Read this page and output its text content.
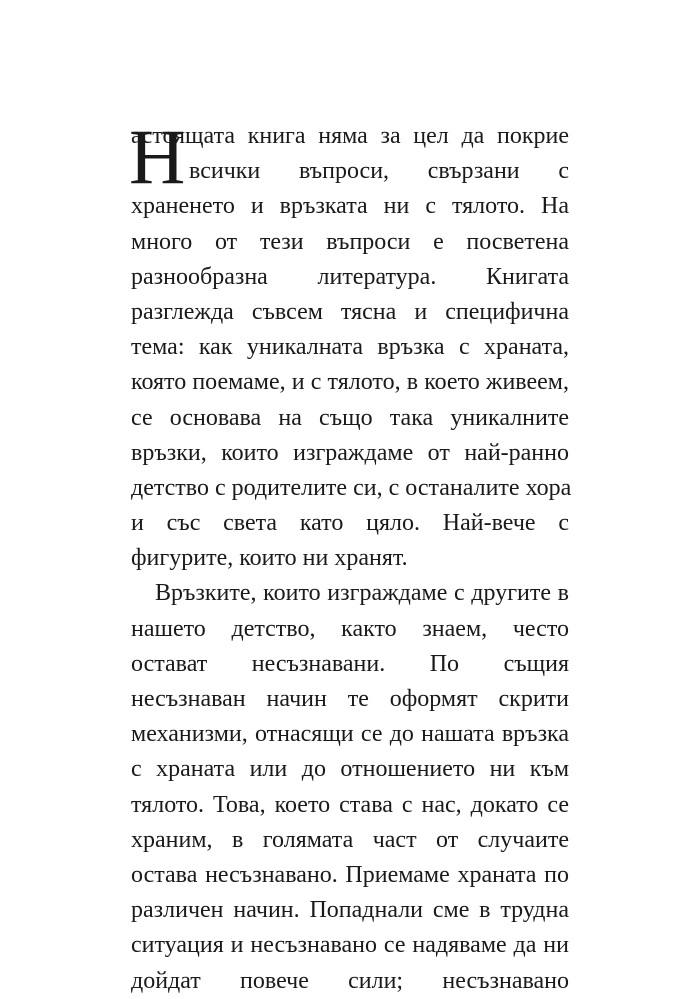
Н
астоящата книга няма за цел да покрие
всички въпроси, свързани с
храненето и връзката ни с тялото. На
много от тези въпроси е посветена
разнообразна литература. Книгата
разглежда съвсем тясна и специфична
тема: как уникалната връзка с храната,
която поемаме, и с тялото, в което живеем,
се основава на също така уникалните
връзки, които изграждаме от най-ранно
детство с родителите си, с останалите хора
и със света като цяло. Най-вече с
фигурите, които ни хранят.
Връзките, които изграждаме с другите в
нашето детство, както знаем, често
остават несъзнавани. По същия
несъзнаван начин те оформят скрити
механизми, отнасящи се до нашата връзка
с храната или до отношението ни към
тялото. Това, което става с нас, докато се
храним, в голямата част от случаите
остава несъзнавано. Приемаме храната по
различен начин. Попаднали сме в трудна
ситуация и несъзнавано се надяваме да ни
дойдат повече сили; несъзнавано
